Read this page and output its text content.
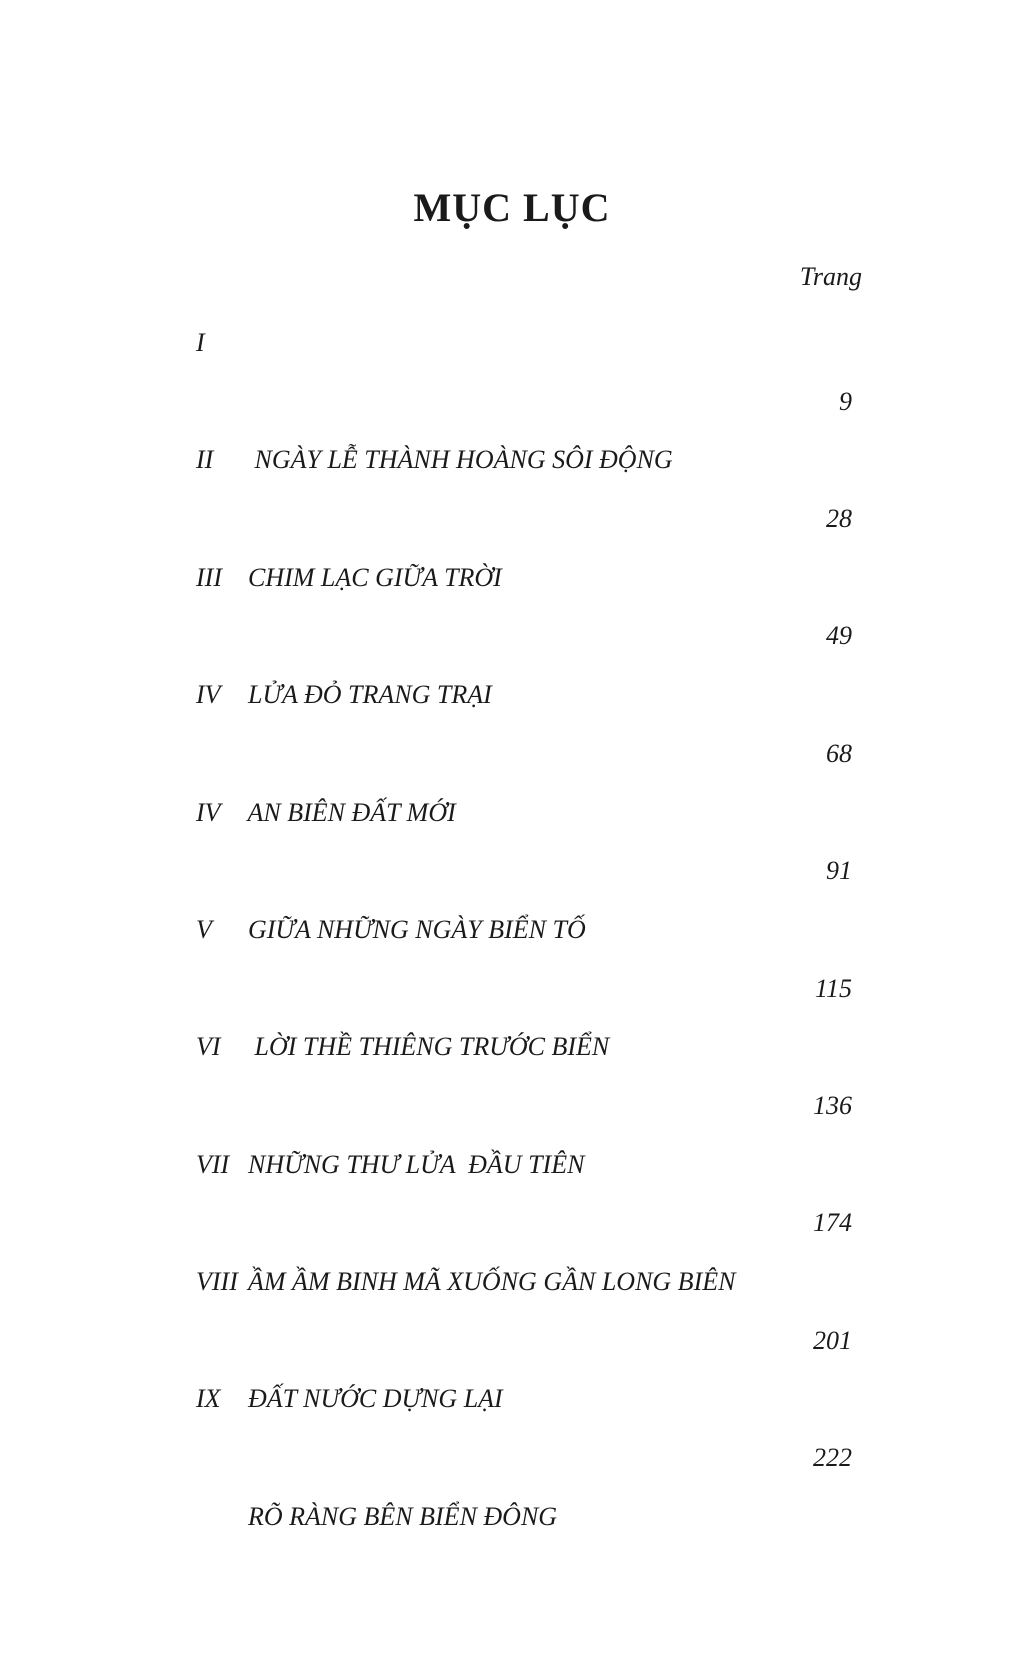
MỤC LỤC
Trang
I

NGÀY LỄ THÀNH HOÀNG SÔI ĐỘNG

9

II

CHIM LẠC GIỮA TRỜI

28

III

LỬA ĐỎ TRANG TRẠI

49

IV

AN BIÊN ĐẤT MỚI

68

IV

GIỮA NHỮNG NGÀY BIỂN TỐ

91

V

LỜI THỀ THIÊNG TRƯỚC BIỂN

115

VI

NHỮNG THƯ LỬA  ĐẦU TIÊN

136

VII

ẦM ẦM BINH MÃ XUỐNG GẦN LONG BIÊN

174

VIII

ĐẤT NƯỚC DỰNG LẠI

201

IX

RÕ RÀNG BÊN BIỂN ĐÔNG

222
